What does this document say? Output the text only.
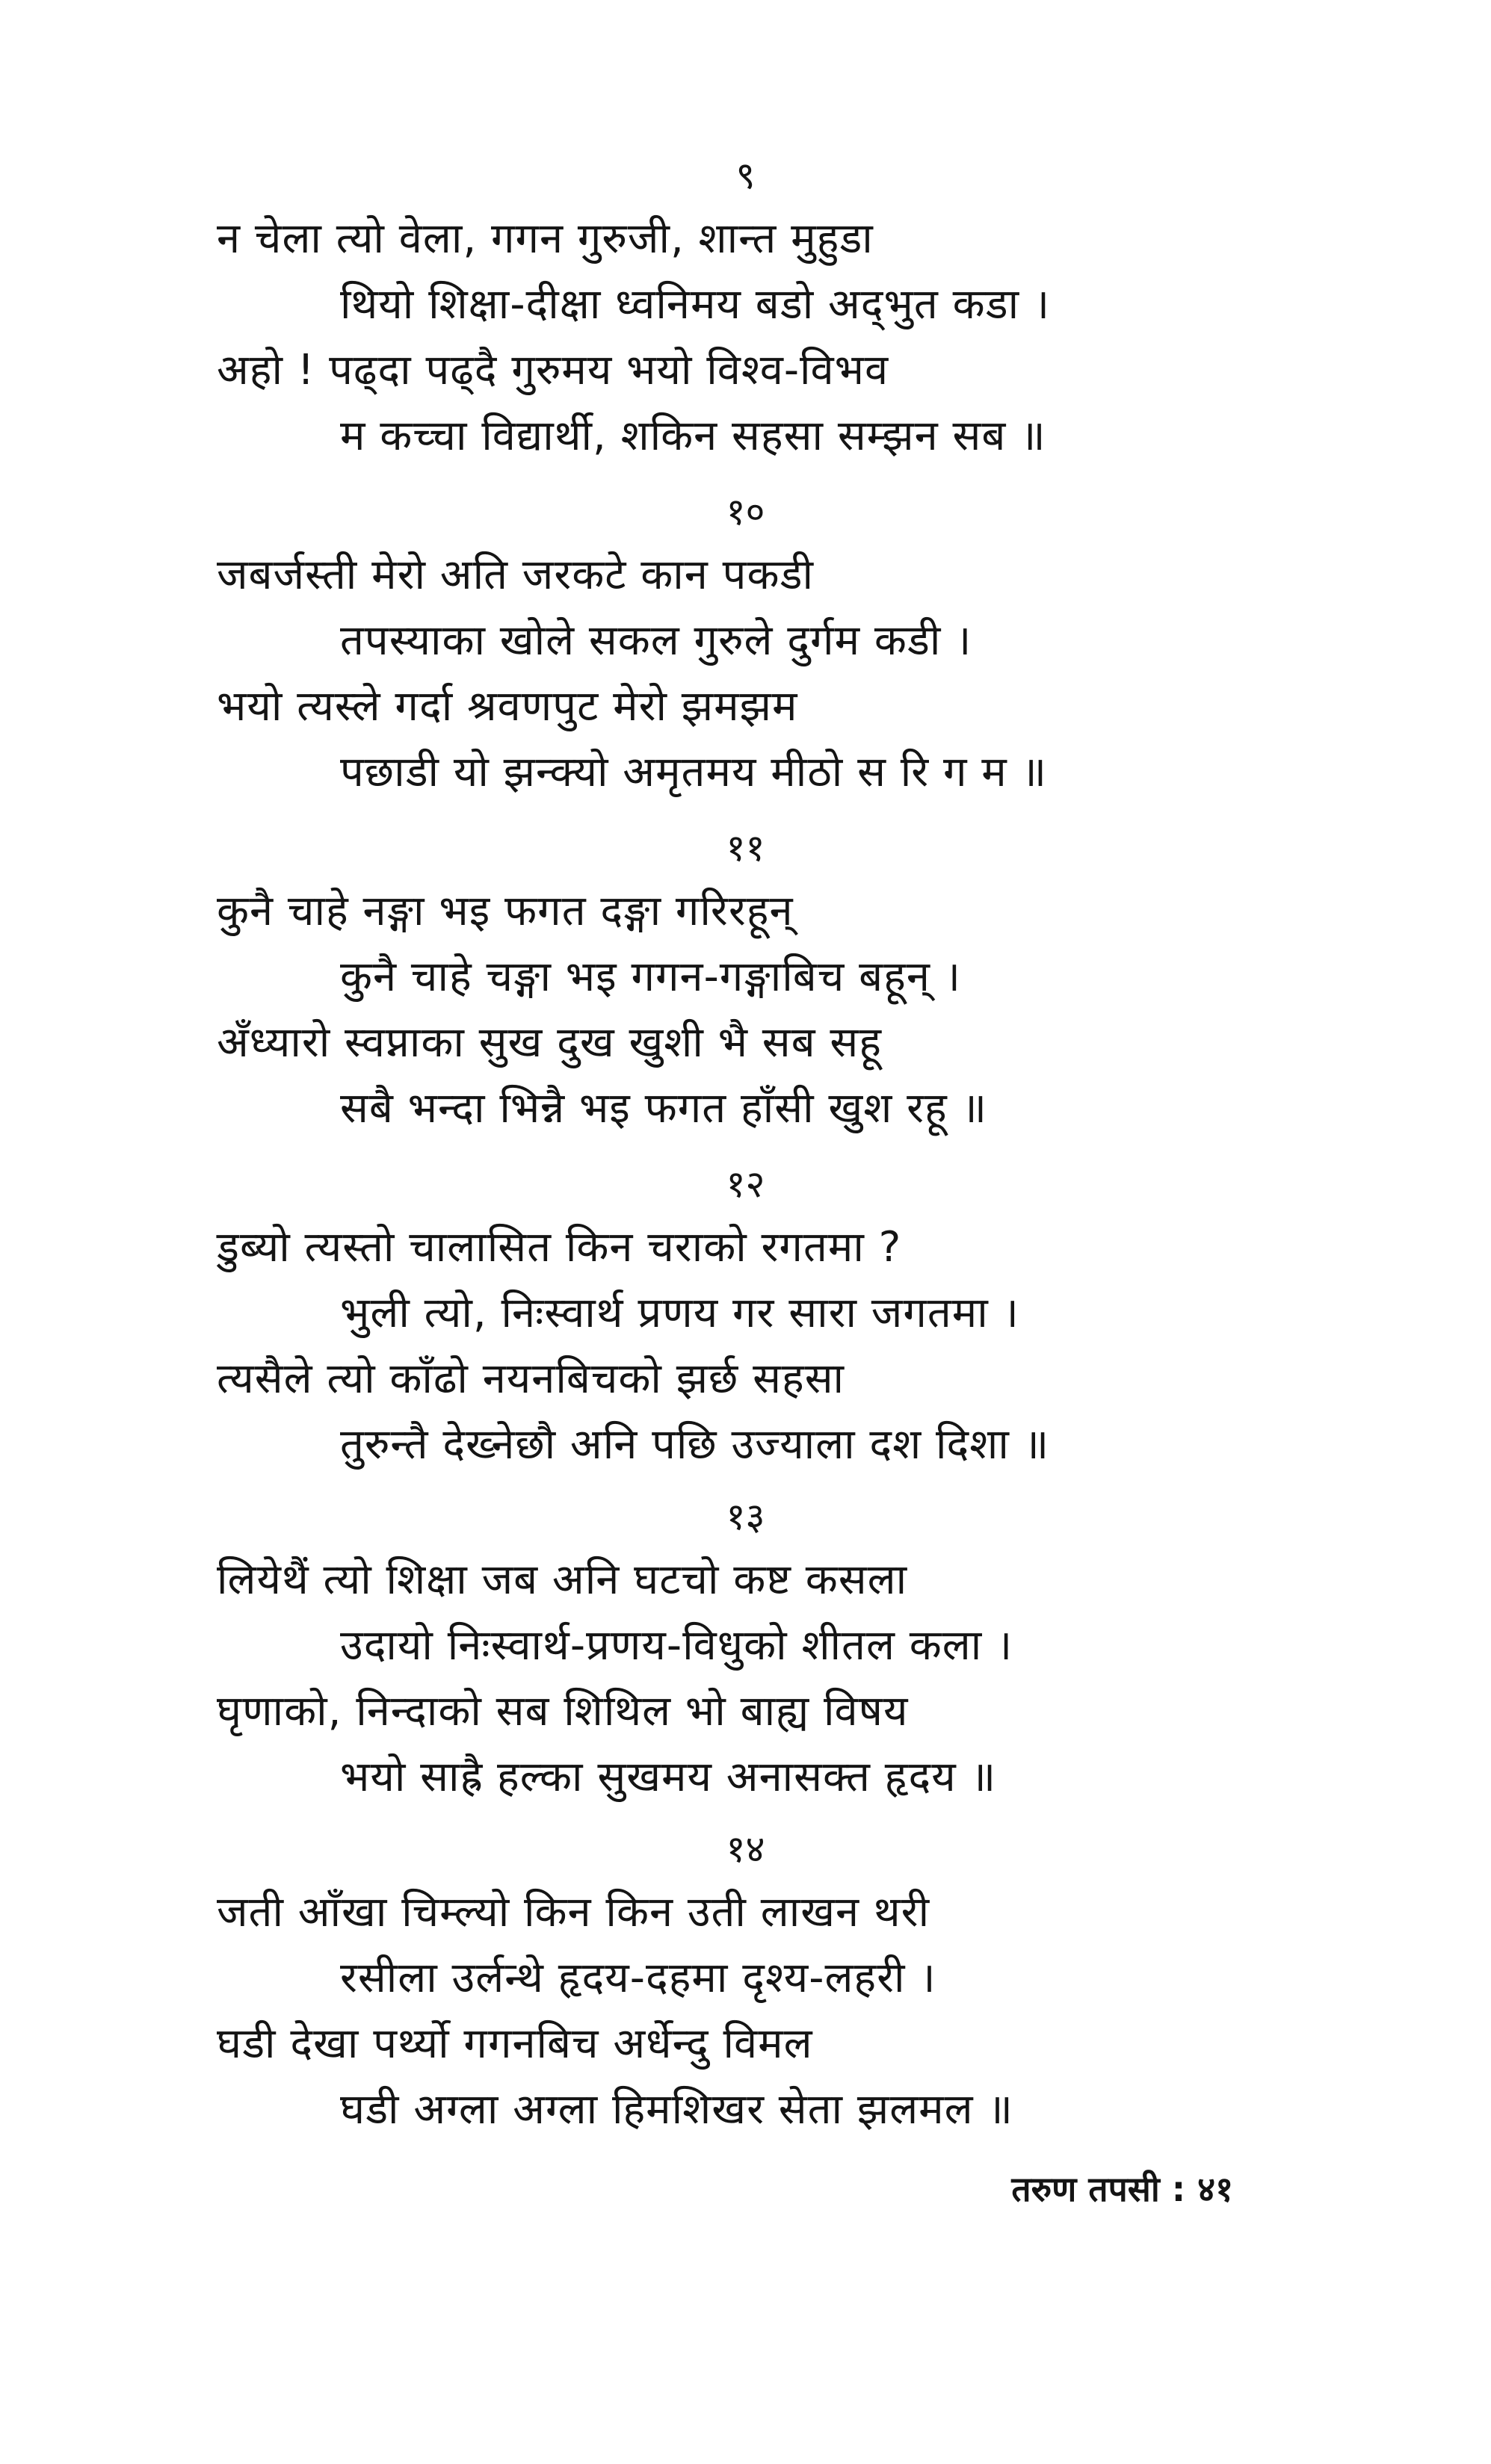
९
न चेला त्यो वेला, गगन गुरुजी, शान्त मुहुडा
थियो शिक्षा-दीक्षा ध्वनिमय बडो अद्‌भुत कडा ।
अहो ! पढ्दा पढ्दै गुरुमय भयो विश्व-विभव
म कच्चा विद्यार्थी, शकिन सहसा सम्झन सब ॥
१०
जबर्जस्ती मेरो अति जरकटे कान पकडी
तपस्याका खोले सकल गुरुले दुर्गम कडी ।
भयो त्यस्ले गर्दा श्रवणपुट मेरो झमझम
पछाडी यो झन्क्यो अमृतमय मीठो स रि ग म ॥
११
कुनै चाहे नङ्गा भइ फगत दङ्गा गरिरहून्
कुनै चाहे चङ्गा भइ गगन-गङ्गाबिच बहून् ।
अँध्यारो स्वप्नाका सुख दुख खुशी भै सब सहू
सबै भन्दा भिन्नै भइ फगत हाँसी खुश रहू ॥
१२
डुब्यो त्यस्तो चालासित किन चराको रगतमा ?
भुली त्यो, निःस्वार्थ प्रणय गर सारा जगतमा ।
त्यसैले त्यो काँढो नयनबिचको झर्छ सहसा
तुरुन्तै देख्नेछौ अनि पछि उज्याला दश दिशा ॥
१३
लियेथैं त्यो शिक्षा जब अनि घटचो कष्ट कसला
उदायो निःस्वार्थ-प्रणय-विधुको शीतल कला ।
घृणाको, निन्दाको सब शिथिल भो बाह्य विषय
भयो साह्रै हल्का सुखमय अनासक्त हृदय ॥
१४
जती आँखा चिम्ल्यो किन किन उती लाखन थरी
रसीला उर्लन्थे हृदय-दहमा दृश्य-लहरी ।
घडी देखा पर्थ्यो गगनबिच अर्धेन्दु विमल
घडी अग्ला अग्ला हिमशिखर सेता झलमल ॥
तरुण तपसी : ४१
